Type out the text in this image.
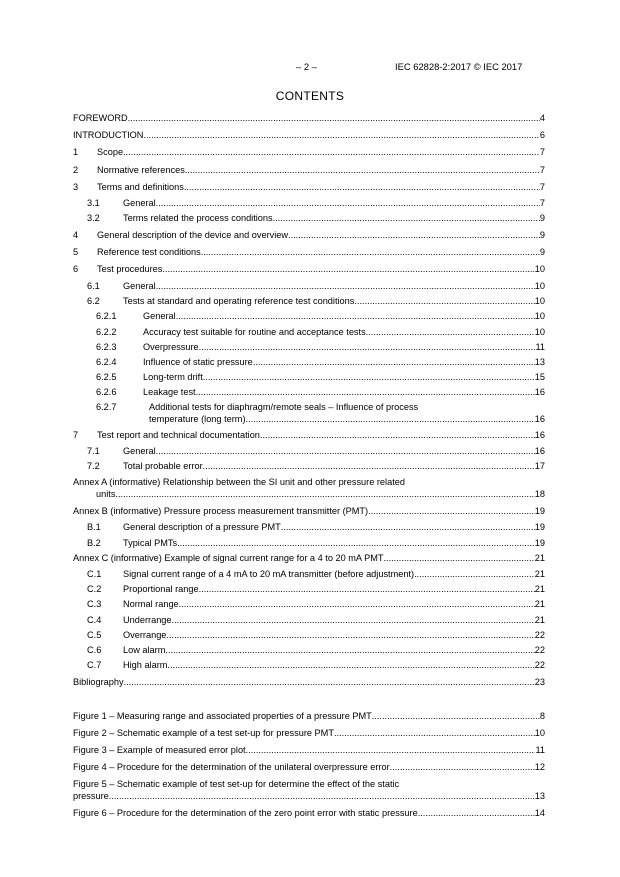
– 2 –	IEC 62828-2:2017 © IEC 2017
CONTENTS
FOREWORD .....	4
INTRODUCTION .....	6
1	Scope .....	7
2	Normative references .....	7
3	Terms and definitions .....	7
3.1	General .....	7
3.2	Terms related the process conditions .....	9
4	General description of the device and overview .....	9
5	Reference test conditions .....	9
6	Test procedures .....	10
6.1	General .....	10
6.2	Tests at standard and operating reference test conditions .....	10
6.2.1	General .....	10
6.2.2	Accuracy test suitable for routine and acceptance tests .....	10
6.2.3	Overpressure .....	11
6.2.4	Influence of static pressure .....	13
6.2.5	Long-term drift .....	15
6.2.6	Leakage test .....	16
6.2.7	Additional tests for diaphragm/remote seals – Influence of process
temperature (long term) .....	16
7	Test report and technical documentation .....	16
7.1	General .....	16
7.2	Total probable error .....	17
Annex A (informative) Relationship between the SI unit and other pressure related
units .....	18
Annex B (informative) Pressure process measurement transmitter (PMT) .....	19
B.1	General description of a pressure PMT .....	19
B.2	Typical PMTs .....	19
Annex C (informative) Example of signal current range for a 4 to 20 mA PMT .....	21
C.1	Signal current range of a 4 mA to 20 mA transmitter (before adjustment) .....	21
C.2	Proportional range .....	21
C.3	Normal range .....	21
C.4	Underrange .....	21
C.5	Overrange .....	22
C.6	Low alarm .....	22
C.7	High alarm .....	22
Bibliography .....	23
Figure 1 – Measuring range and associated properties of a pressure PMT .....	8
Figure 2 – Schematic example of a test set-up for pressure PMT .....	10
Figure 3 – Example of measured error plot .....	11
Figure 4 – Procedure for the determination of the unilateral overpressure error .....	12
Figure 5 – Schematic example of test set-up for determine the effect of the static
pressure .....	13
Figure 6 – Procedure for the determination of the zero point error with static pressure .....	14
